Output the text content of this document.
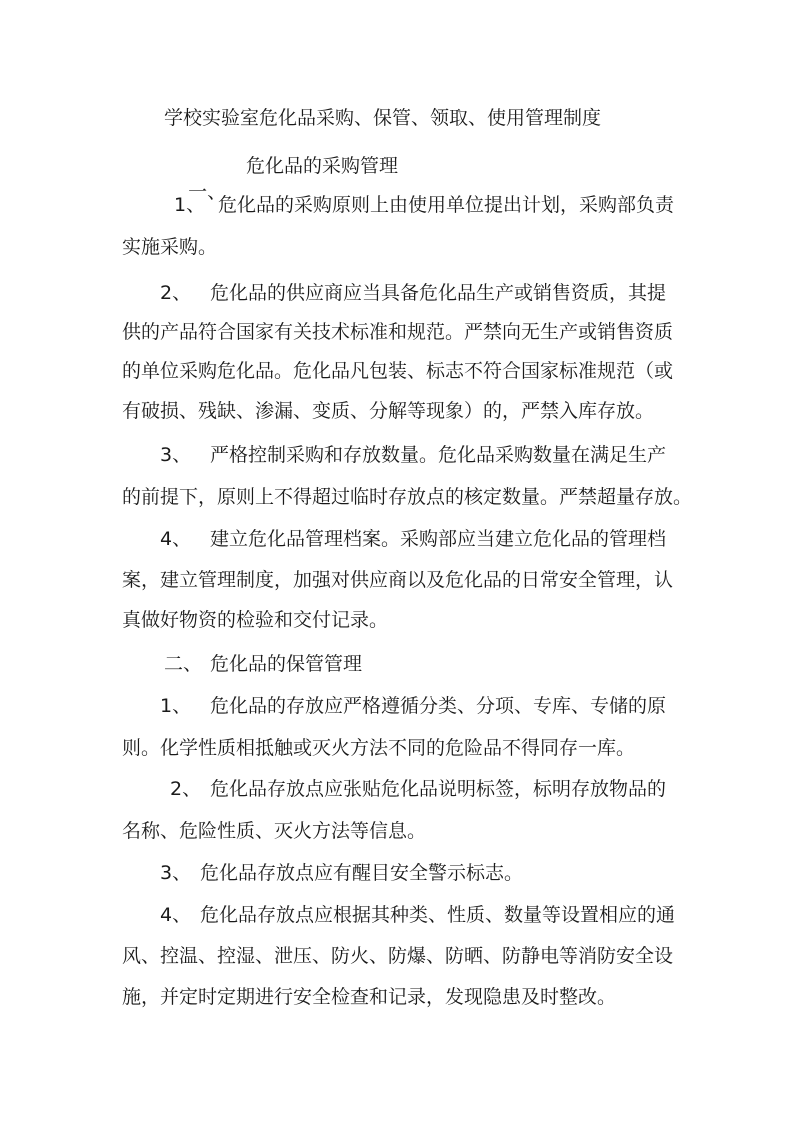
学校实验室危化品采购、保管、领取、使用管理制度

一、

危化品的采购管理
1、 危化品的采购原则上由使用单位提出计划，采购部负责
实施采购。
2、 危化品的供应商应当具备危化品生产或销售资质，其提
供的产品符合国家有关技术标准和规范。严禁向无生产或销售资质
的单位采购危化品。危化品凡包装、标志不符合国家标准规范（或
有破损、残缺、渗漏、变质、分解等现象）的，严禁入库存放。
3、 严格控制采购和存放数量。危化品采购数量在满足生产
的前提下，原则上不得超过临时存放点的核定数量。严禁超量存放。
4、 建立危化品管理档案。采购部应当建立危化品的管理档
案，建立管理制度，加强对供应商以及危化品的日常安全管理，认
真做好物资的检验和交付记录。
二、 危化品的保管管理
1、 危化品的存放应严格遵循分类、分项、专库、专储的原
则。化学性质相抵触或灭火方法不同的危险品不得同存一库。
2、 危化品存放点应张贴危化品说明标签，标明存放物品的
名称、危险性质、灭火方法等信息。
3、 危化品存放点应有醒目安全警示标志。
4、 危化品存放点应根据其种类、性质、数量等设置相应的通
风、控温、控湿、泄压、防火、防爆、防晒、防静电等消防安全设
施，并定时定期进行安全检查和记录，发现隐患及时整改。
